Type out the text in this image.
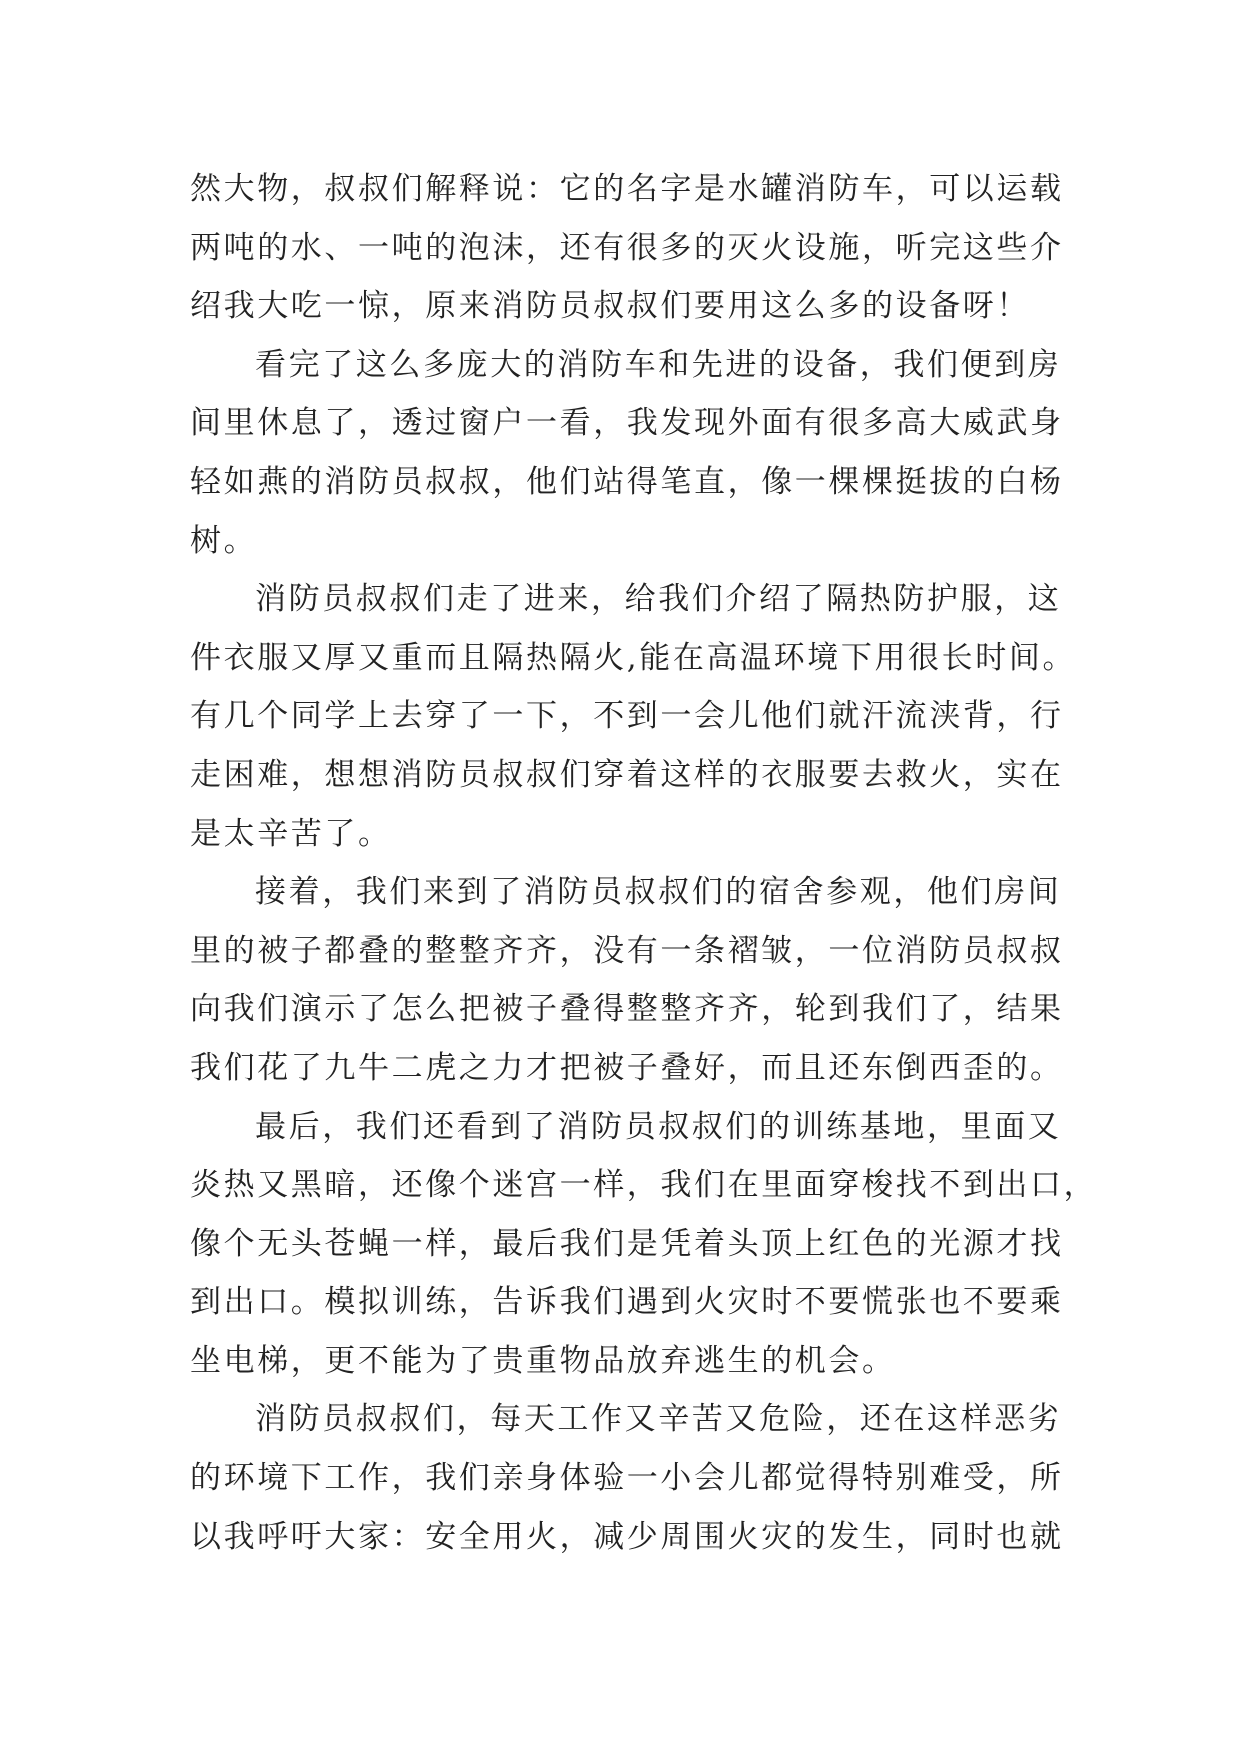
然大物，叔叔们解释说：它的名字是水罐消防车，可以运载
两吨的水、一吨的泡沫，还有很多的灭火设施，听完这些介
绍我大吃一惊，原来消防员叔叔们要用这么多的设备呀！
看完了这么多庞大的消防车和先进的设备，我们便到房
间里休息了，透过窗户一看，我发现外面有很多高大威武身
轻如燕的消防员叔叔，他们站得笔直，像一棵棵挺拔的白杨
树。
消防员叔叔们走了进来，给我们介绍了隔热防护服，这
件衣服又厚又重而且隔热隔火,能在高温环境下用很长时间。
有几个同学上去穿了一下，不到一会儿他们就汗流浃背，行
走困难，想想消防员叔叔们穿着这样的衣服要去救火，实在
是太辛苦了。
接着，我们来到了消防员叔叔们的宿舍参观，他们房间
里的被子都叠的整整齐齐，没有一条褶皱，一位消防员叔叔
向我们演示了怎么把被子叠得整整齐齐，轮到我们了，结果
我们花了九牛二虎之力才把被子叠好，而且还东倒西歪的。
最后，我们还看到了消防员叔叔们的训练基地，里面又
炎热又黑暗，还像个迷宫一样，我们在里面穿梭找不到出口，
像个无头苍蝇一样，最后我们是凭着头顶上红色的光源才找
到出口。模拟训练，告诉我们遇到火灾时不要慌张也不要乘
坐电梯，更不能为了贵重物品放弃逃生的机会。
消防员叔叔们，每天工作又辛苦又危险，还在这样恶劣
的环境下工作，我们亲身体验一小会儿都觉得特别难受，所
以我呼吁大家：安全用火，减少周围火灾的发生，同时也就
